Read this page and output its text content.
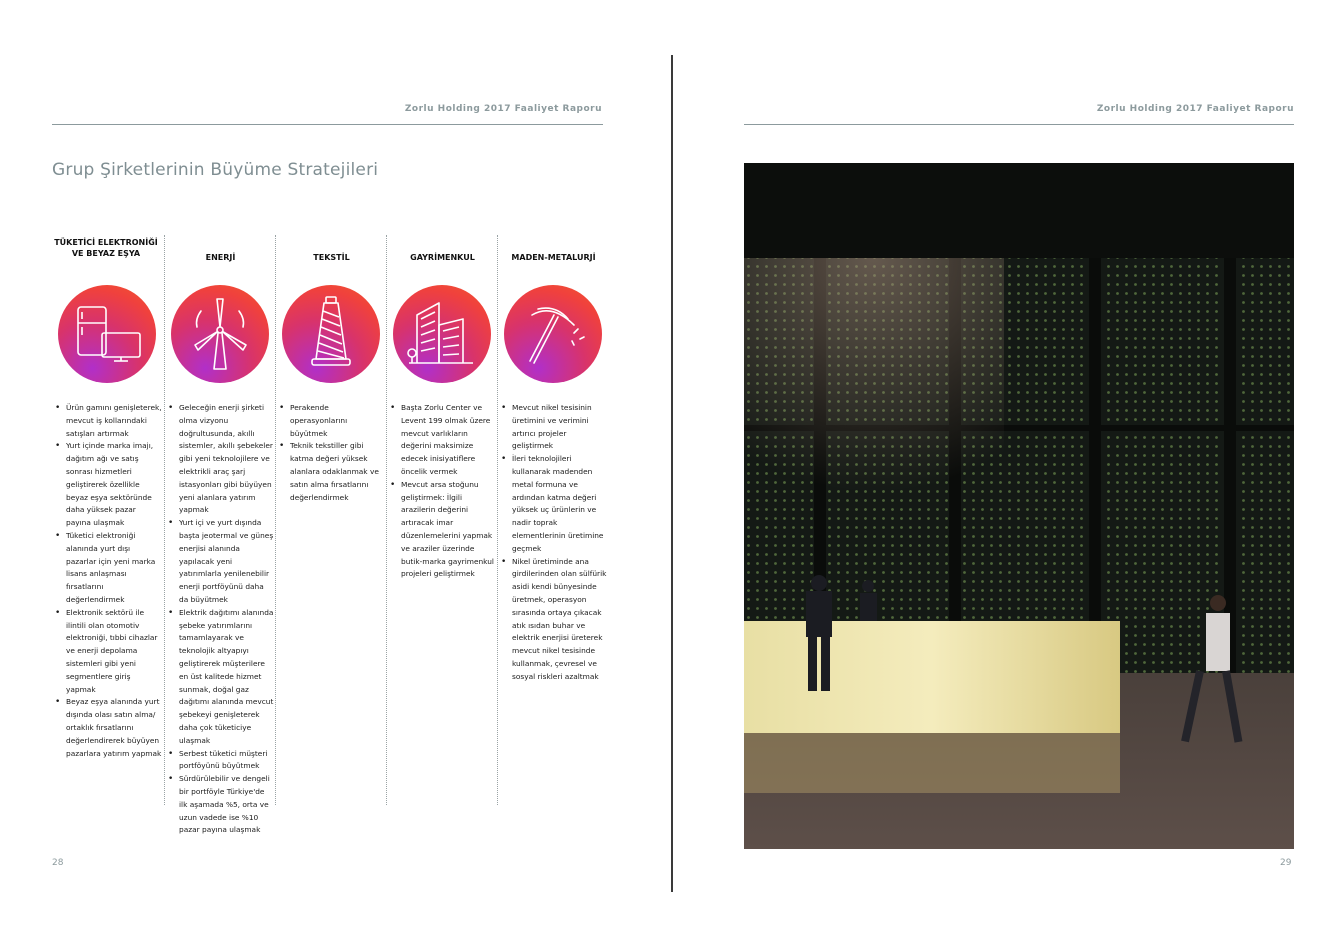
Zorlu Holding 2017 Faaliyet Raporu
Grup Şirketlerinin Büyüme Stratejileri
TÜKETİCİ ELEKTRONİĞİ VE BEYAZ EŞYA
• Ürün gamını genişleterek, mevcut iş kollarındaki satışları artırmak
• Yurt içinde marka imajı, dağıtım ağı ve satış sonrası hizmetleri geliştirerek özellikle beyaz eşya sektöründe daha yüksek pazar payına ulaşmak
• Tüketici elektroniği alanında yurt dışı pazarlar için yeni marka lisans anlaşması fırsatlarını değerlendirmek
• Elektronik sektörü ile ilintili olan otomotiv elektroniği, tıbbi cihazlar ve enerji depolama sistemleri gibi yeni segmentlere giriş yapmak
• Beyaz eşya alanında yurt dışında olası satın alma/ ortaklık fırsatlarını değerlendirerek büyüyen pazarlara yatırım yapmak
ENERJİ
• Geleceğin enerji şirketi olma vizyonu doğrultusunda, akıllı sistemler, akıllı şebekeler gibi yeni teknolojilere ve elektrikli araç şarj istasyonları gibi büyüyen yeni alanlara yatırım yapmak
• Yurt içi ve yurt dışında başta jeotermal ve güneş enerjisi alanında yapılacak yeni yatırımlarla yenilenebilir enerji portföyünü daha da büyütmek
• Elektrik dağıtımı alanında şebeke yatırımlarını tamamlayarak ve teknolojik altyapıyı geliştirerek müşterilere en üst kalitede hizmet sunmak, doğal gaz dağıtımı alanında mevcut şebekeyi genişleterek daha çok tüketiciye ulaşmak
• Serbest tüketici müşteri portföyünü büyütmek
• Sürdürülebilir ve dengeli bir portföyle Türkiye'de ilk aşamada %5, orta ve uzun vadede ise %10 pazar payına ulaşmak
TEKSTİL
• Perakende operasyonlarını büyütmek
• Teknik tekstiller gibi katma değeri yüksek alanlara odaklanmak ve satın alma fırsatlarını değerlendirmek
GAYRİMENKUL
• Başta Zorlu Center ve Levent 199 olmak üzere mevcut varlıkların değerini maksimize edecek inisiyatiflere öncelik vermek
• Mevcut arsa stoğunu geliştirmek: İlgili arazilerin değerini artıracak imar düzenlemelerini yapmak ve araziler üzerinde butik-marka gayrimenkul projeleri geliştirmek
MADEN-METALURJİ
• Mevcut nikel tesisinin üretimini ve verimini artırıcı projeler geliştirmek
• İleri teknolojileri kullanarak madenden metal formuna ve ardından katma değeri yüksek uç ürünlerin ve nadir toprak elementlerinin üretimine geçmek
• Nikel üretiminde ana girdilerinden olan sülfürik asidi kendi bünyesinde üretmek, operasyon sırasında ortaya çıkacak atık ısıdan buhar ve elektrik enerjisi üreterek mevcut nikel tesisinde kullanmak, çevresel ve sosyal riskleri azaltmak
28
Zorlu Holding 2017 Faaliyet Raporu
29
